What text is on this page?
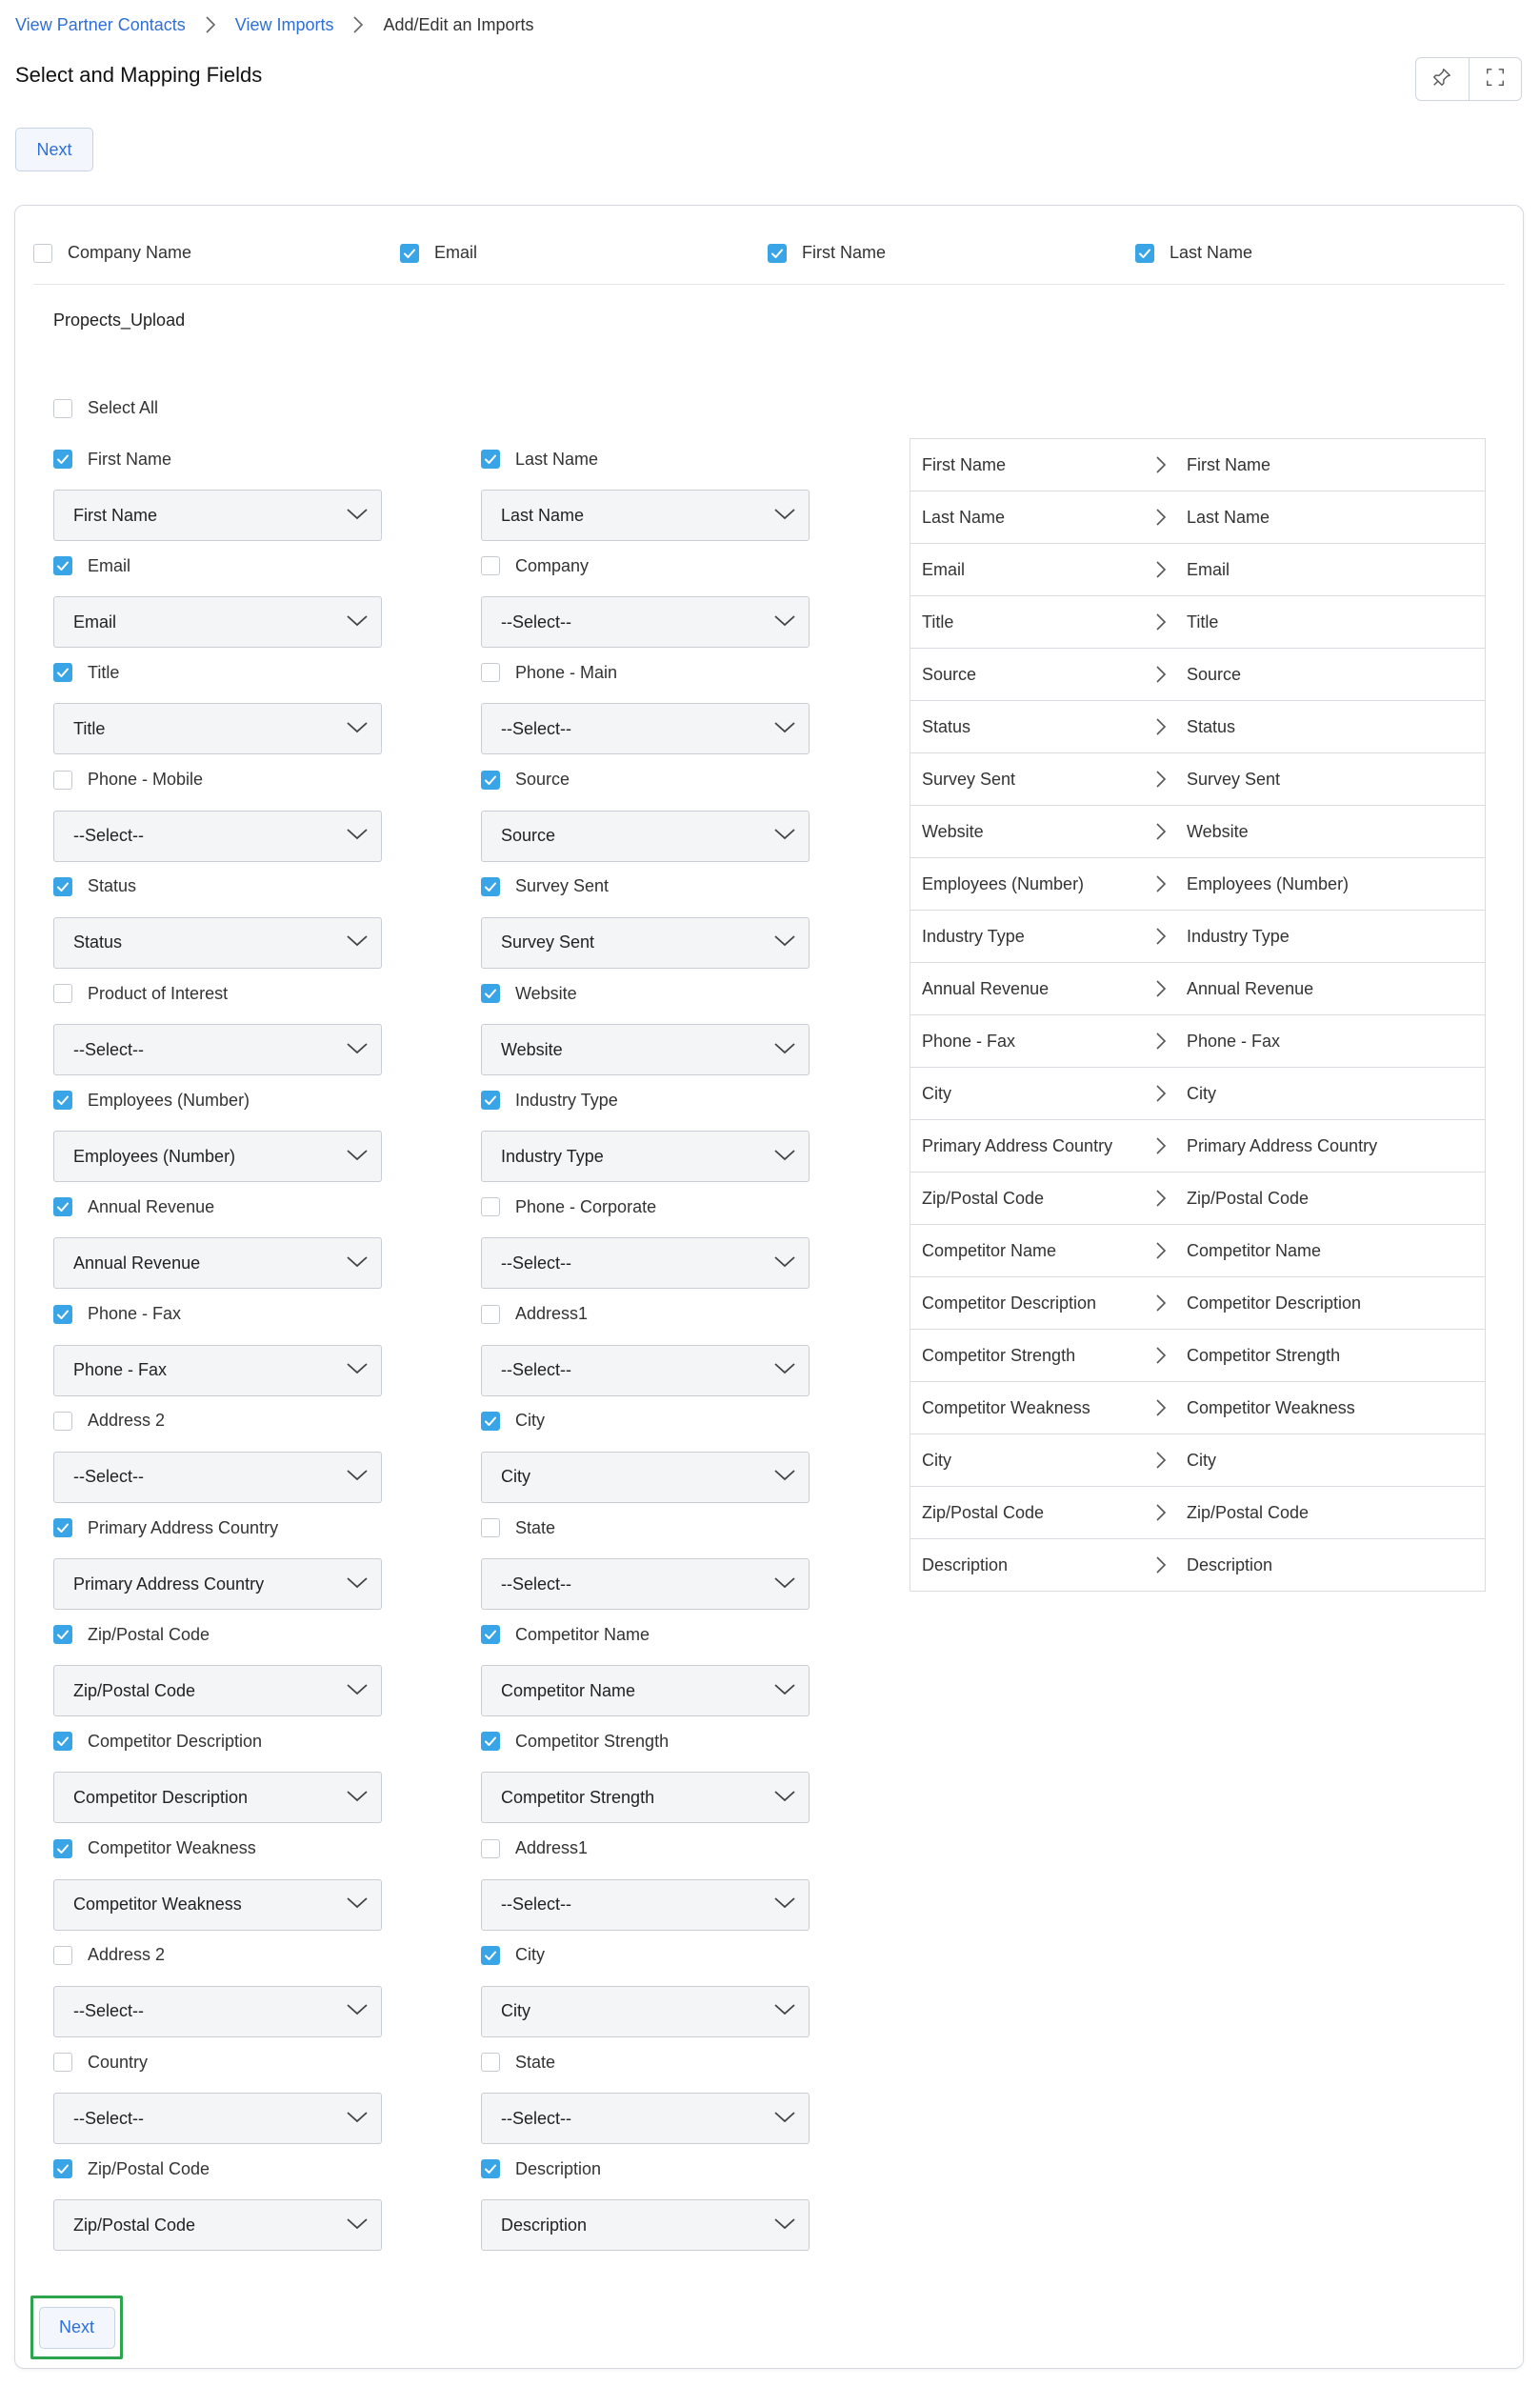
View Partner Contacts	View Imports	Add/Edit an Imports
Select and Mapping Fields
Next
Company Name	Email	First Name	Last Name
Propects_Upload
Select All
First Name
First Name
Last Name
Last Name
Email
Email
Company
--Select--
Title
Title
Phone - Main
--Select--
Phone - Mobile
--Select--
Source
Source
Status
Status
Survey Sent
Survey Sent
Product of Interest
--Select--
Website
Website
Employees (Number)
Employees (Number)
Industry Type
Industry Type
Annual Revenue
Annual Revenue
Phone - Corporate
--Select--
Phone - Fax
Phone - Fax
Address1
--Select--
Address 2
--Select--
City
City
Primary Address Country
Primary Address Country
State
--Select--
Zip/Postal Code
Zip/Postal Code
Competitor Name
Competitor Name
Competitor Description
Competitor Description
Competitor Strength
Competitor Strength
Competitor Weakness
Competitor Weakness
Address1
--Select--
Address 2
--Select--
City
City
Country
--Select--
State
--Select--
Zip/Postal Code
Zip/Postal Code
Description
Description
First Name	First Name
Last Name	Last Name
Email	Email
Title	Title
Source	Source
Status	Status
Survey Sent	Survey Sent
Website	Website
Employees (Number)	Employees (Number)
Industry Type	Industry Type
Annual Revenue	Annual Revenue
Phone - Fax	Phone - Fax
City	City
Primary Address Country	Primary Address Country
Zip/Postal Code	Zip/Postal Code
Competitor Name	Competitor Name
Competitor Description	Competitor Description
Competitor Strength	Competitor Strength
Competitor Weakness	Competitor Weakness
City	City
Zip/Postal Code	Zip/Postal Code
Description	Description
Next
